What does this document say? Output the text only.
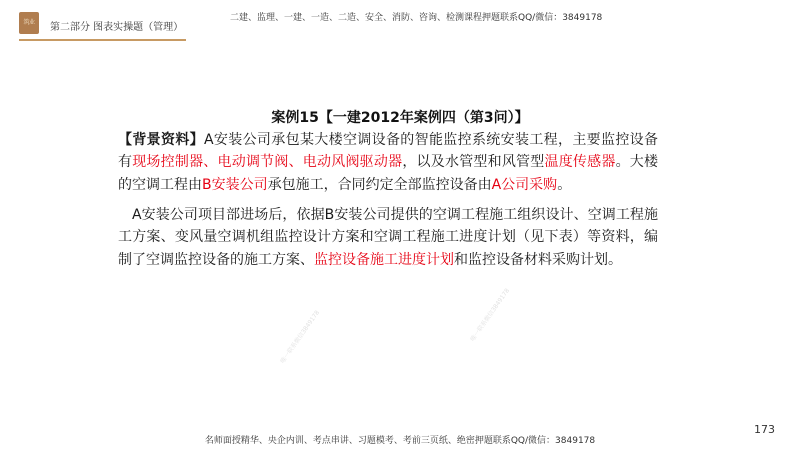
筑业	第二部分 图表实操题（管理）
二建、监理、一建、一造、二造、安全、消防、咨询、检测课程押题联系QQ/微信：3849178
案例15【一建2012年案例四（第3问）】
【背景资料】A安装公司承包某大楼空调设备的智能监控系统安装工程，主要监控设备有现场控制器、电动调节阀、电动风阀驱动器，以及水管型和风管型温度传感器。大楼的空调工程由B安装公司承包施工，合同约定全部监控设备由A公司采购。
A安装公司项目部进场后，依据B安装公司提供的空调工程施工组织设计、空调工程施工方案、变风量空调机组监控设计方案和空调工程施工进度计划（见下表）等资料，编制了空调监控设备的施工方案、监控设备施工进度计划和监控设备材料采购计划。
唯一联系微信3849178	唯一联系微信3849178
173
名师面授精华、央企内训、考点串讲、习题模考、考前三页纸、绝密押题联系QQ/微信：3849178
